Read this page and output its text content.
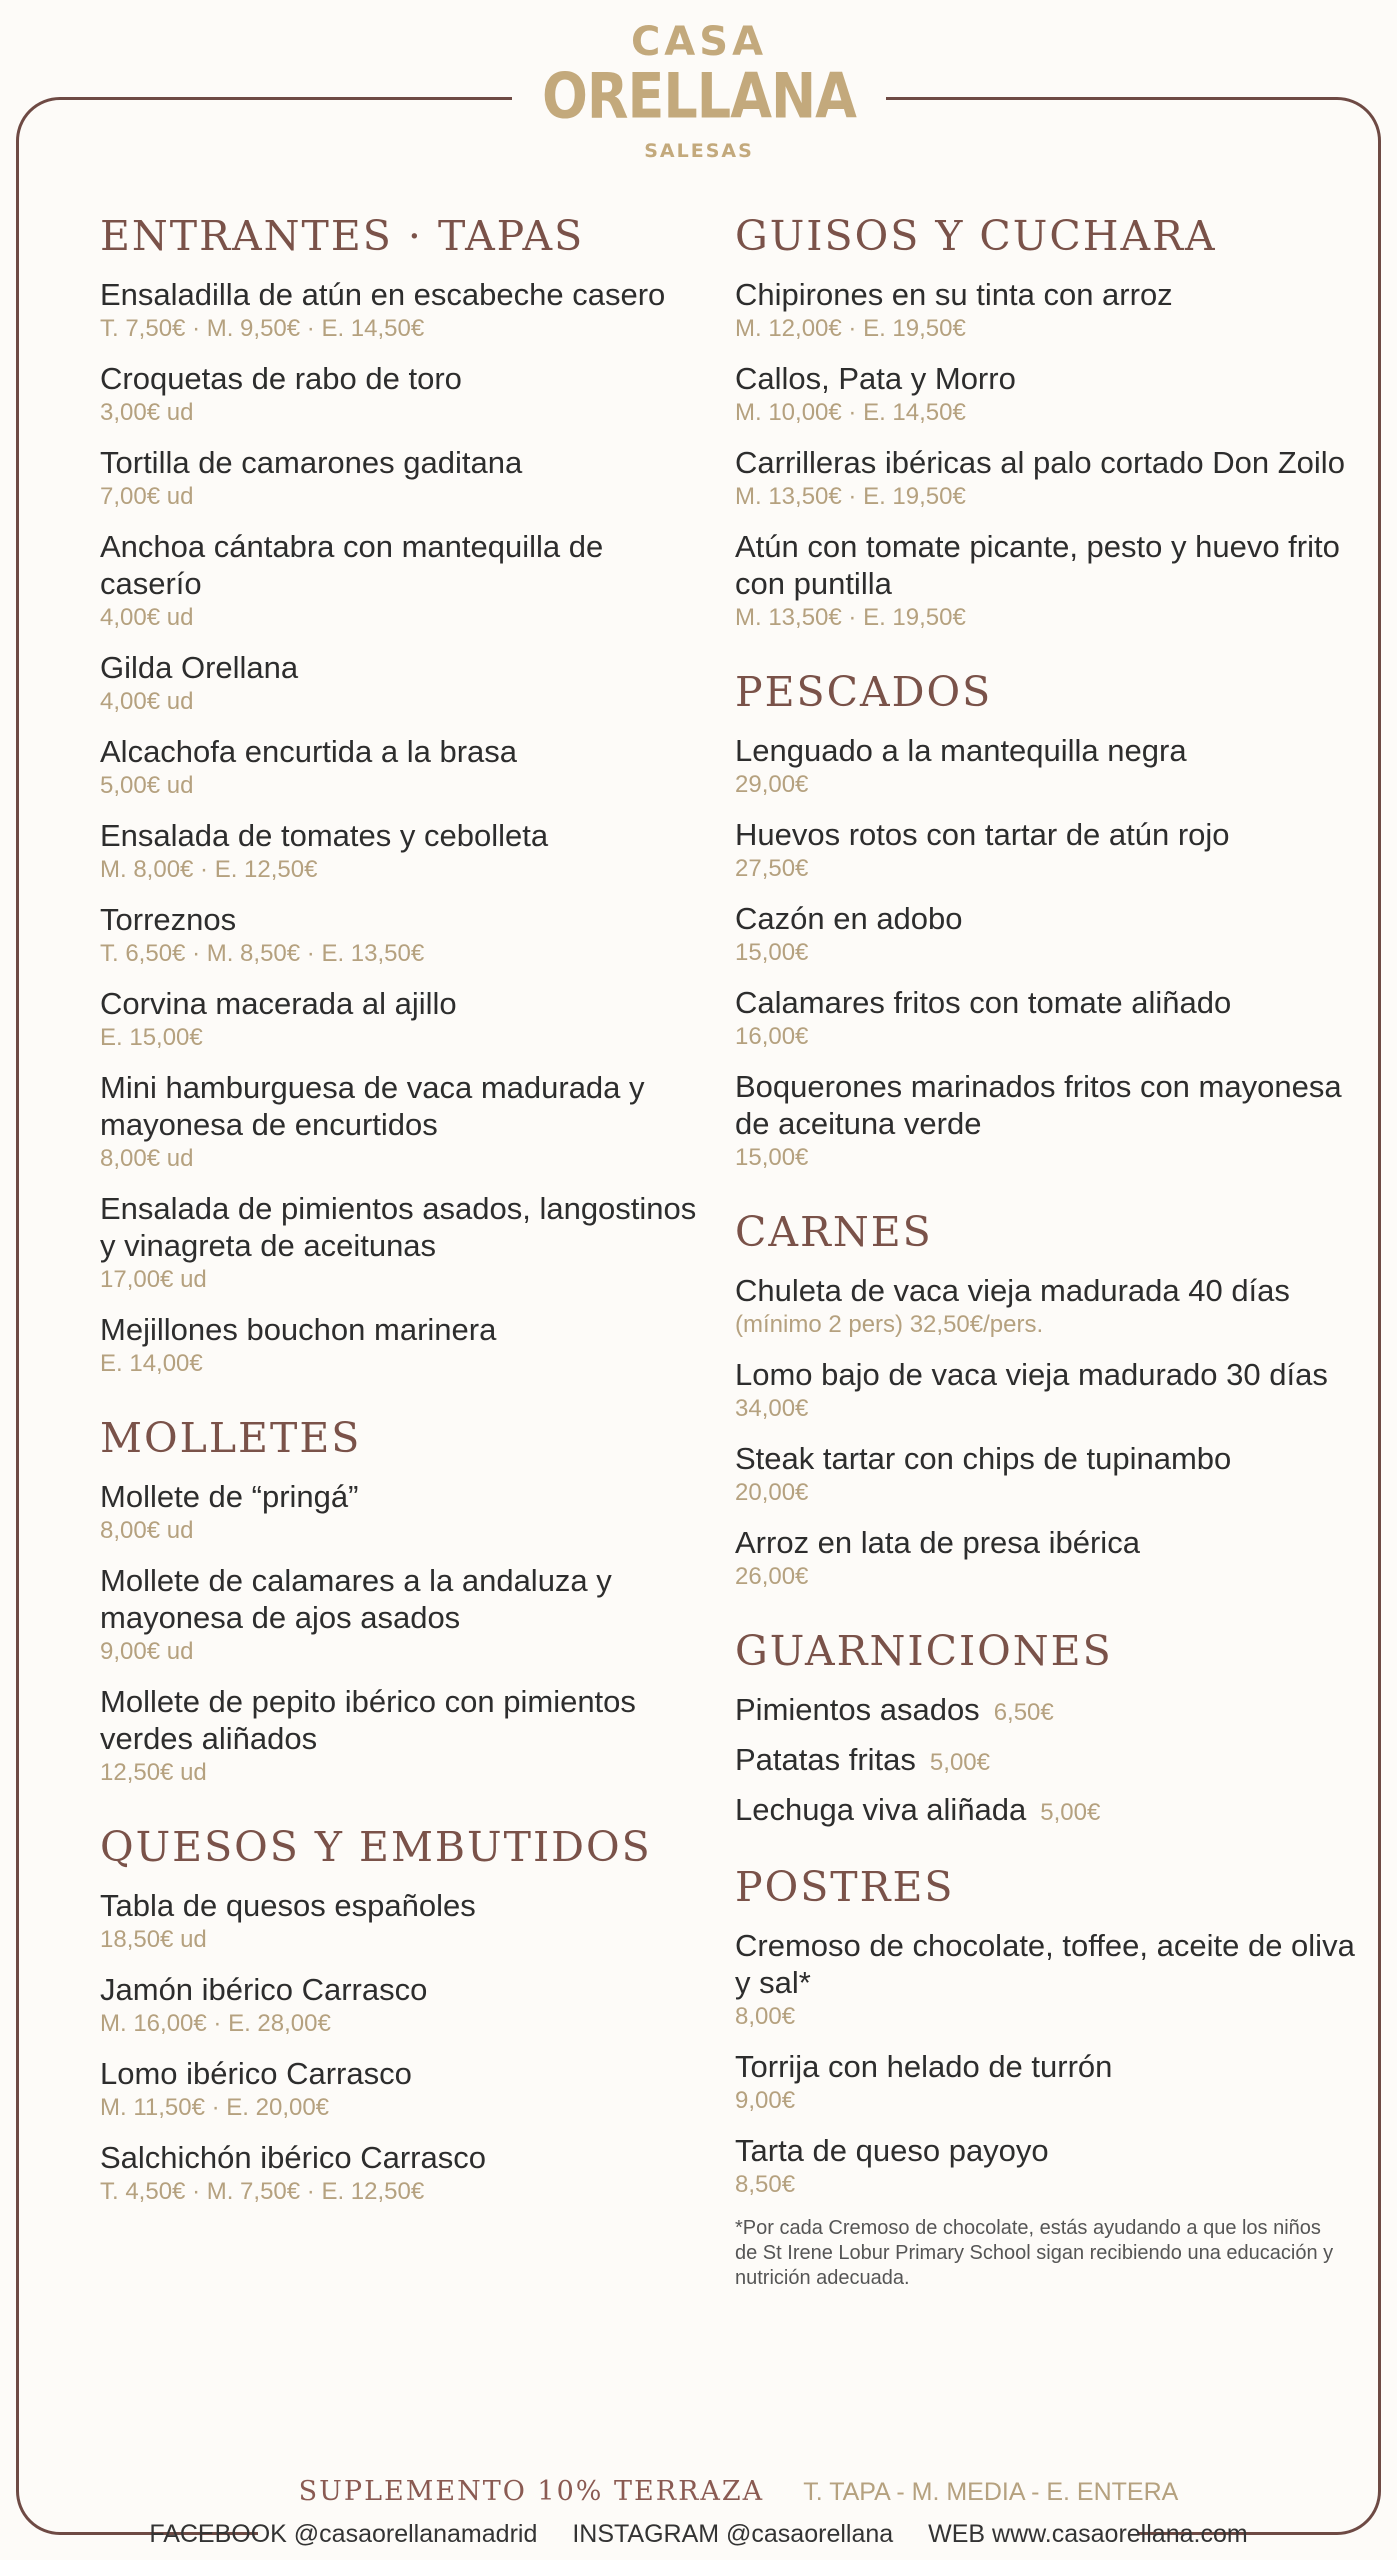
CASA
ORELLANA
SALESAS
ENTRANTES · TAPAS
Ensaladilla de atún en escabeche casero
T. 7,50€ · M. 9,50€ · E. 14,50€
Croquetas de rabo de toro
3,00€ ud
Tortilla de camarones gaditana
7,00€ ud
Anchoa cántabra con mantequilla de caserío
4,00€ ud
Gilda Orellana
4,00€ ud
Alcachofa encurtida a la brasa
5,00€ ud
Ensalada de tomates y cebolleta
M. 8,00€ · E. 12,50€
Torreznos
T. 6,50€ · M. 8,50€ · E. 13,50€
Corvina macerada al ajillo
E. 15,00€
Mini hamburguesa de vaca madurada y mayonesa de encurtidos
8,00€ ud
Ensalada de pimientos asados, langostinos y vinagreta de aceitunas
17,00€ ud
Mejillones bouchon marinera
E. 14,00€
MOLLETES
Mollete de “pringá”
8,00€ ud
Mollete de calamares a la andaluza y mayonesa de ajos asados
9,00€ ud
Mollete de pepito ibérico con pimientos verdes aliñados
12,50€ ud
QUESOS Y EMBUTIDOS
Tabla de quesos españoles
18,50€ ud
Jamón ibérico Carrasco
M. 16,00€ · E. 28,00€
Lomo ibérico Carrasco
M. 11,50€ · E. 20,00€
Salchichón ibérico Carrasco
T. 4,50€ · M. 7,50€ · E. 12,50€
GUISOS Y CUCHARA
Chipirones en su tinta con arroz
M. 12,00€ · E. 19,50€
Callos, Pata y Morro
M. 10,00€ · E. 14,50€
Carrilleras ibéricas al palo cortado Don Zoilo
M. 13,50€ · E. 19,50€
Atún con tomate picante, pesto y huevo frito con puntilla
M. 13,50€ · E. 19,50€
PESCADOS
Lenguado a la mantequilla negra
29,00€
Huevos rotos con tartar de atún rojo
27,50€
Cazón en adobo
15,00€
Calamares fritos con tomate aliñado
16,00€
Boquerones marinados fritos con mayonesa de aceituna verde
15,00€
CARNES
Chuleta de vaca vieja madurada 40 días
(mínimo 2 pers) 32,50€/pers.
Lomo bajo de vaca vieja madurado 30 días
34,00€
Steak tartar con chips de tupinambo
20,00€
Arroz en lata de presa ibérica
26,00€
GUARNICIONES
Pimientos asados 6,50€
Patatas fritas 5,00€
Lechuga viva aliñada 5,00€
POSTRES
Cremoso de chocolate, toffee, aceite de oliva y sal*
8,00€
Torrija con helado de turrón
9,00€
Tarta de queso payoyo
8,50€
*Por cada Cremoso de chocolate, estás ayudando a que los niños de St Irene Lobur Primary School sigan recibiendo una educación y nutrición adecuada.
SUPLEMENTO 10% TERRAZA T. TAPA - M. MEDIA - E. ENTERA
FACEBOOK @casaorellanamadrid INSTAGRAM @casaorellana WEB www.casaorellana.com
